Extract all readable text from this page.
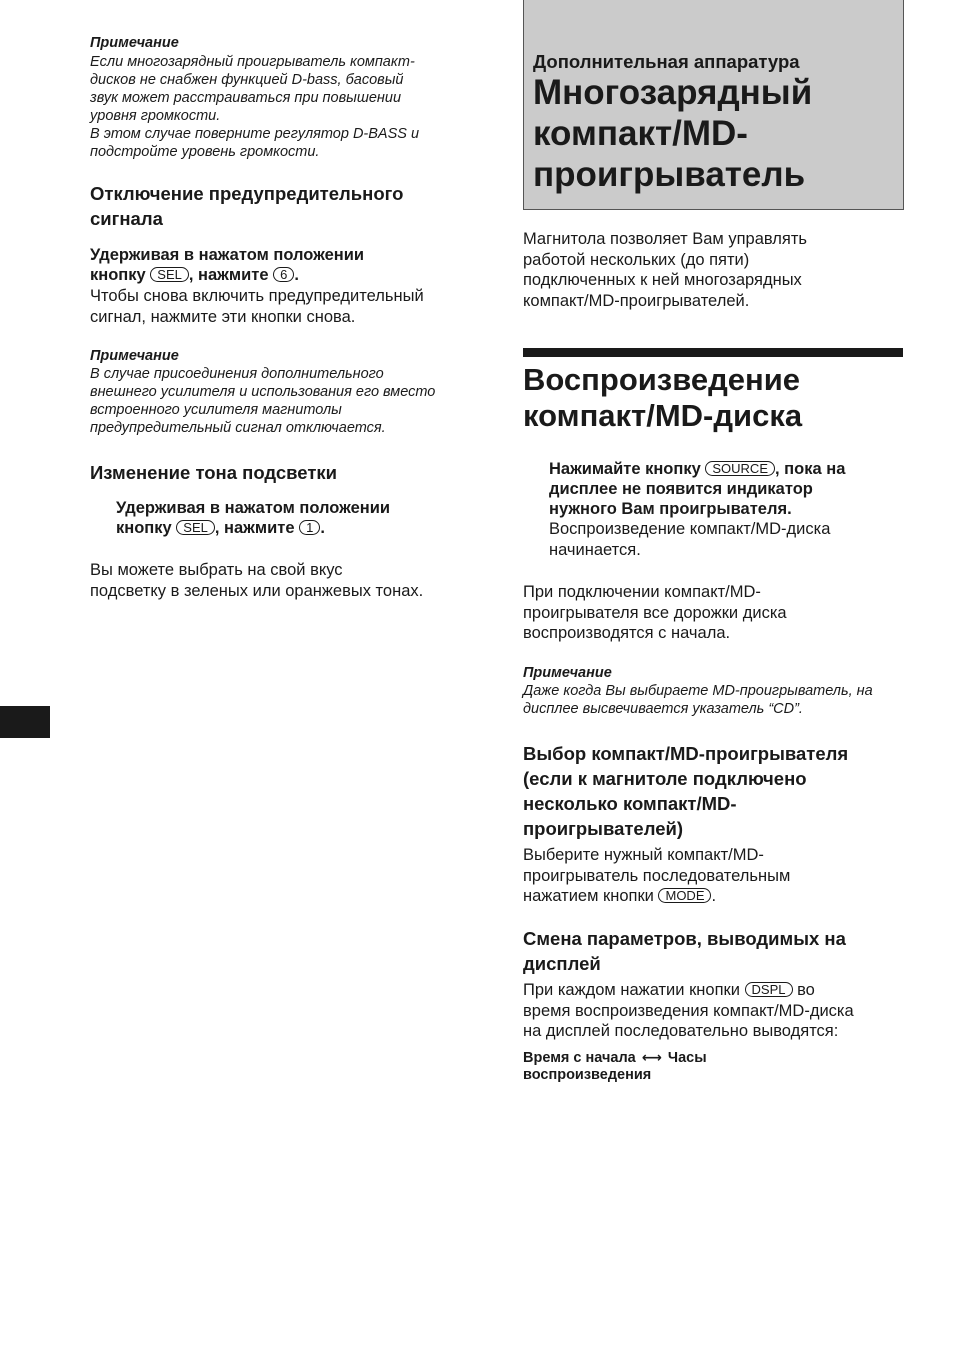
Примечание
Если многозарядный проигрыватель компакт-
дисков не снабжен функцией D-bass, басовый
звук может расстраиваться при повышении
уровня громкости.
В этом случае поверните регулятор D-BASS и
подстройте уровень громкости.
Отключение предупредительного
сигнала
Удерживая в нажатом положении
кнопку SEL , нажмите 6 .
Чтобы снова включить предупредительный
сигнал, нажмите эти кнопки снова.
Примечание
В случае присоединения дополнительного
внешнего усилителя и использования его вместо
встроенного усилителя магнитолы
предупредительный сигнал отключается.
Изменение тона подсветки
Удерживая в нажатом положении
кнопку SEL , нажмите 1 .
Вы можете выбрать на свой вкус
подсветку в зеленых или оранжевых тонах.
Дополнительная аппаратура
Многозарядный
компакт/MD-
проигрыватель
Магнитола позволяет Вам управлять
работой нескольких (до пяти)
подключенных к ней многозарядных
компакт/MD-проигрывателей.
Воспроизведение
компакт/MD-диска
Нажимайте кнопку SOURCE , пока на
дисплее не появится индикатор
нужного Вам проигрывателя.
Воспроизведение компакт/MD-диска
начинается.
При подключении компакт/MD-
проигрывателя все дорожки диска
воспроизводятся с начала.
Примечание
Даже когда Вы выбираете MD-проигрыватель, на
дисплее высвечивается указатель “CD”.
Выбор компакт/MD-проигрывателя
(если к магнитоле подключено
несколько компакт/MD-
проигрывателей)
Выберите нужный компакт/MD-
проигрыватель последовательным
нажатием кнопки MODE .
Смена параметров, выводимых на
дисплей
При каждом нажатии кнопки DSPL во
время воспроизведения компакт/MD-диска
на дисплей последовательно выводятся:
Время с начала ⟷ Часы
воспроизведения
